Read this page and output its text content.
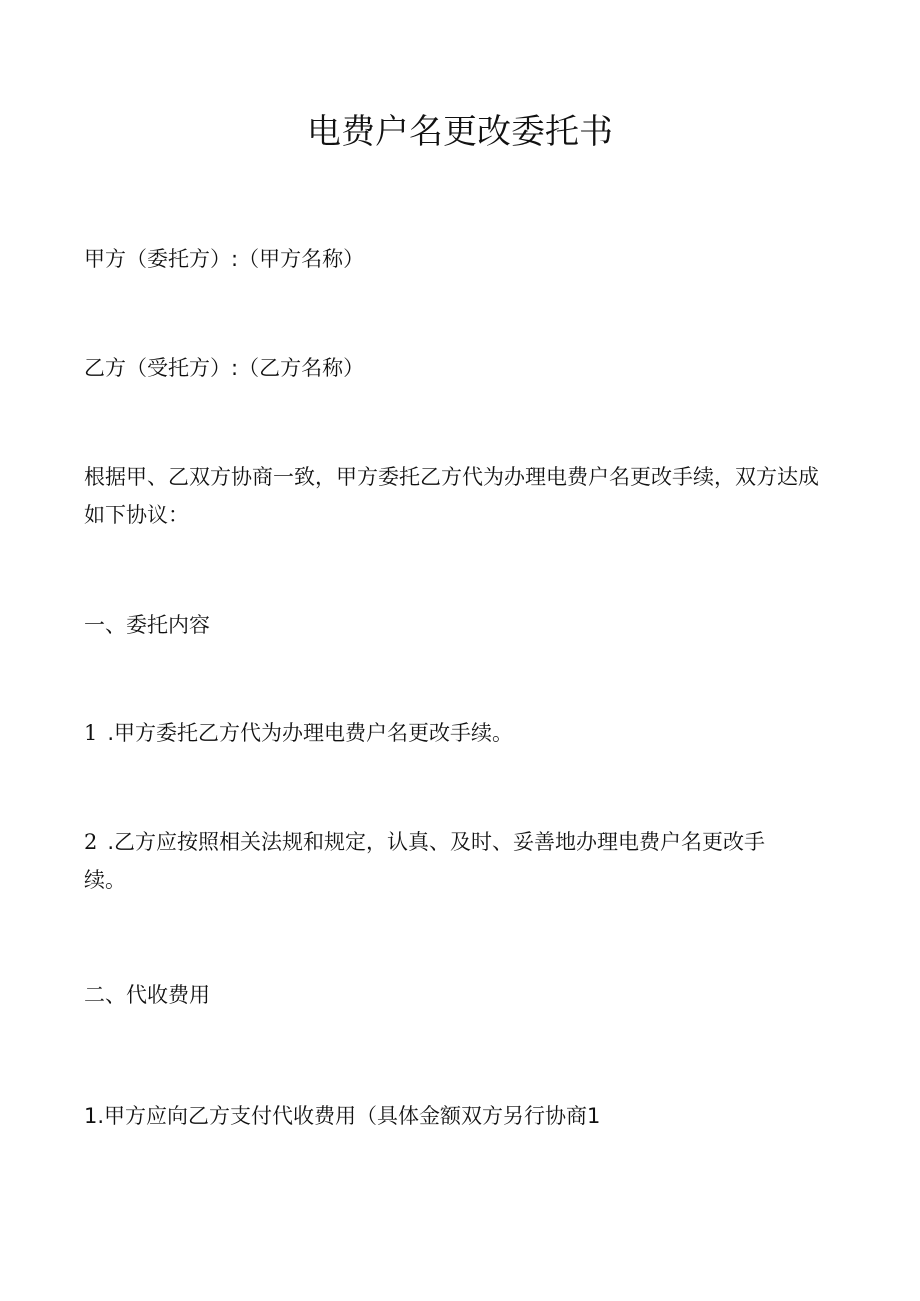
电费户名更改委托书
甲方（委托方）:（甲方名称）
乙方（受托方）:（乙方名称）
根据甲、乙双方协商一致，甲方委托乙方代为办理电费户名更改手续，双方达成如下协议：
一、委托内容
1 .甲方委托乙方代为办理电费户名更改手续。
2 .乙方应按照相关法规和规定，认真、及时、妥善地办理电费户名更改手续。
二、代收费用
1.甲方应向乙方支付代收费用（具体金额双方另行协商1
